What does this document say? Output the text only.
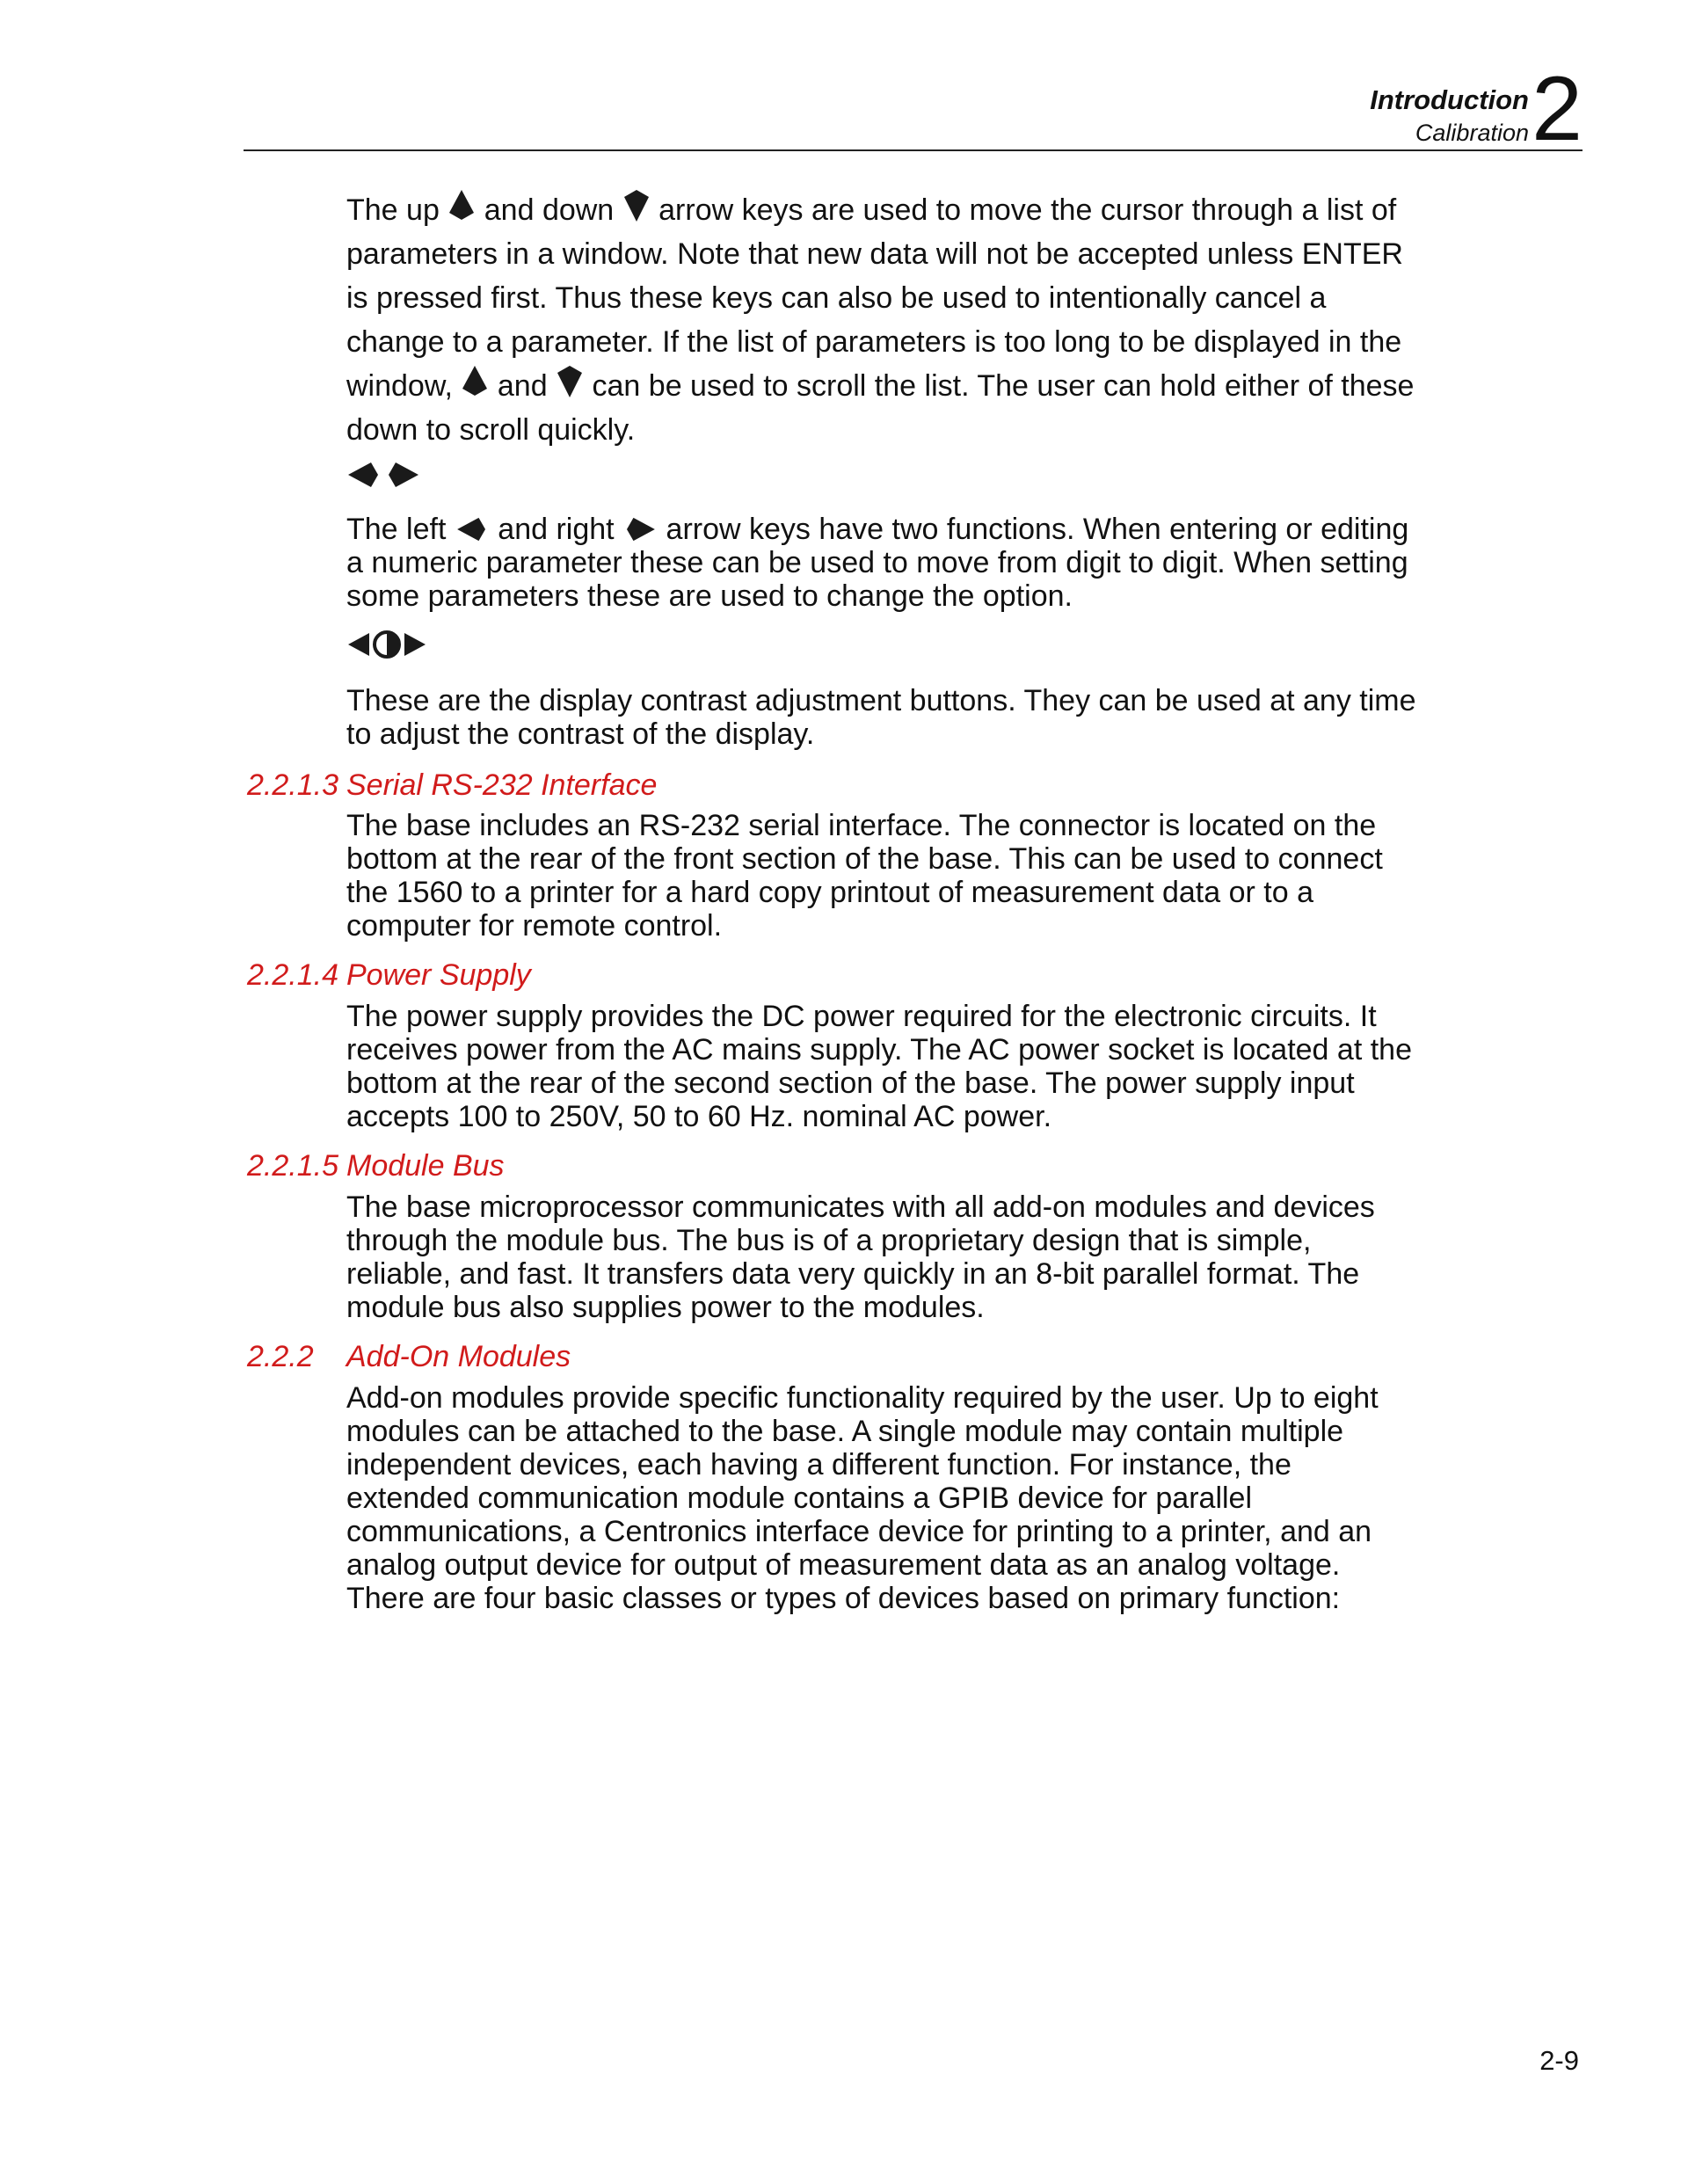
Introduction
Calibration 2
The up and down arrow keys are used to move the cursor through a list of
parameters in a window. Note that new data will not be accepted unless ENTER
is pressed first. Thus these keys can also be used to intentionally cancel a
change to a parameter. If the list of parameters is too long to be displayed in the
window, and can be used to scroll the list. The user can hold either of these
down to scroll quickly.

The left and right arrow keys have two functions. When entering or editing
a numeric parameter these can be used to move from digit to digit. When setting
some parameters these are used to change the option.
These are the display contrast adjustment buttons. They can be used at any time
to adjust the contrast of the display.
2.2.1.3 Serial RS-232 Interface
The base includes an RS-232 serial interface. The connector is located on the
bottom at the rear of the front section of the base. This can be used to connect
the 1560 to a printer for a hard copy printout of measurement data or to a
computer for remote control.
2.2.1.4 Power Supply
The power supply provides the DC power required for the electronic circuits. It
receives power from the AC mains supply. The AC power socket is located at the
bottom at the rear of the second section of the base. The power supply input
accepts 100 to 250V, 50 to 60 Hz. nominal AC power.
2.2.1.5 Module Bus
The base microprocessor communicates with all add-on modules and devices
through the module bus. The bus is of a proprietary design that is simple,
reliable, and fast. It transfers data very quickly in an 8-bit parallel format. The
module bus also supplies power to the modules.
2.2.2 Add-On Modules
Add-on modules provide specific functionality required by the user. Up to eight
modules can be attached to the base. A single module may contain multiple
independent devices, each having a different function. For instance, the
extended communication module contains a GPIB device for parallel
communications, a Centronics interface device for printing to a printer, and an
analog output device for output of measurement data as an analog voltage.
There are four basic classes or types of devices based on primary function:
2-9
